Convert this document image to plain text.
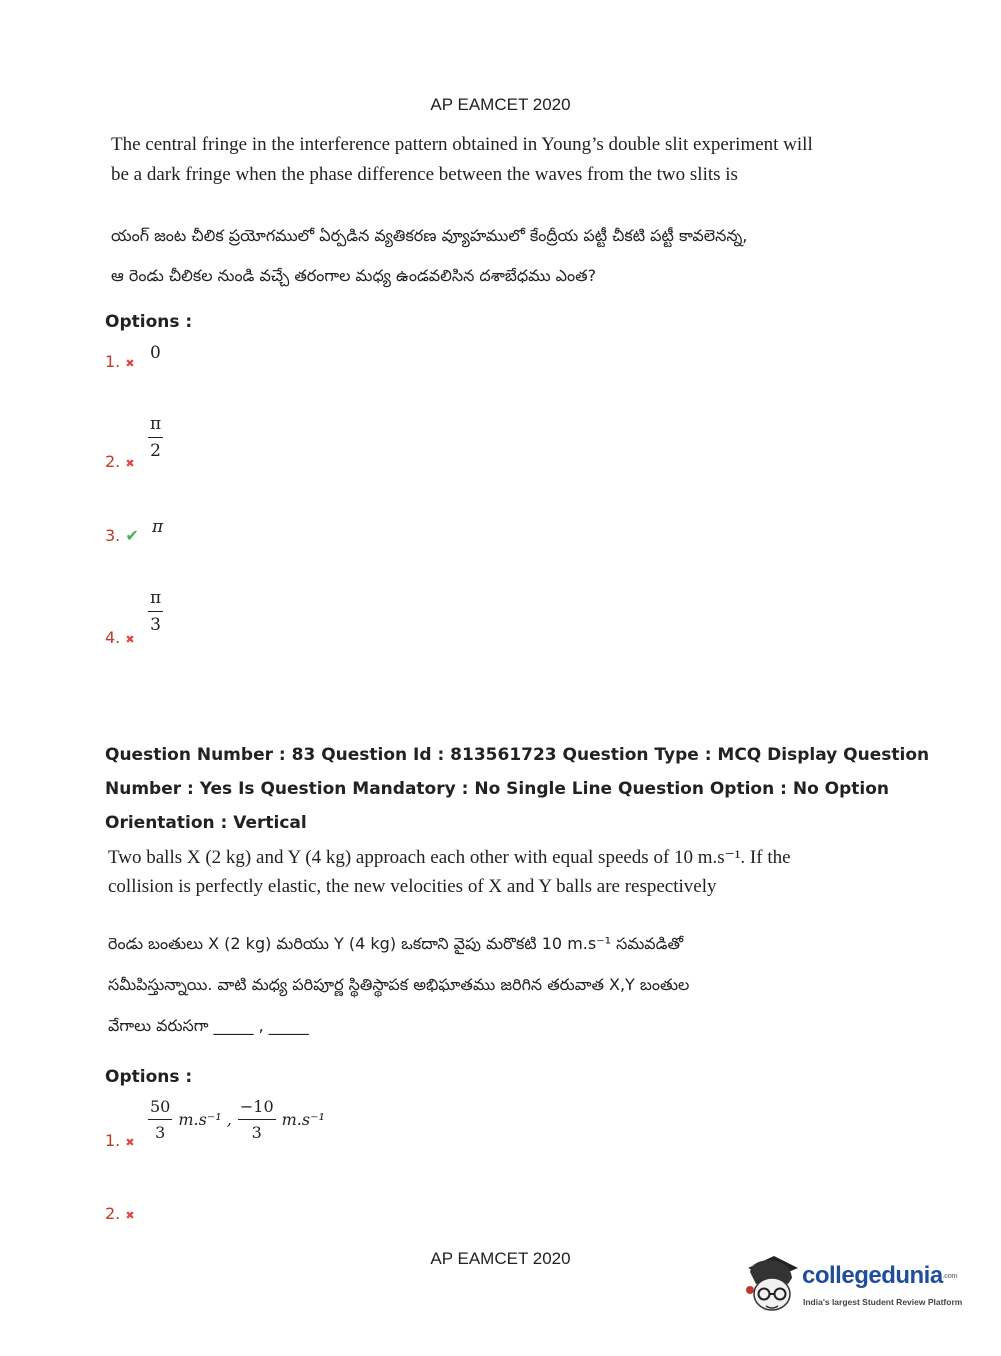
AP EAMCET 2020
The central fringe in the interference pattern obtained in Young’s double slit experiment will
be a dark fringe when the phase difference between the waves from the two slits is
యంగ్ జంట చీలిక ప్రయోగములో ఏర్పడిన వ్యతికరణ వ్యూహములో కేంద్రీయ పట్టీ చీకటి పట్టీ కావలెనన్న,
ఆ రెండు చీలికల నుండి వచ్చే తరంగాల మధ్య ఉండవలిసిన దశాబేధము ఎంత?
Options :
1. ✖
0
2. ✖
$\frac{\pi}{2}$
3. ✔ π
4. ✖
$\frac{\pi}{3}$
Question Number : 83 Question Id : 813561723 Question Type : MCQ Display Question
Number : Yes Is Question Mandatory : No Single Line Question Option : No Option
Orientation : Vertical
Two balls X (2 kg) and Y (4 kg) approach each other with equal speeds of 10 m.s⁻¹. If the
collision is perfectly elastic, the new velocities of X and Y balls are respectively
రెండు బంతులు X (2 kg) మరియు Y (4 kg) ఒకదాని వైపు మరొకటి 10 m.s⁻¹ సమవడితో
సమీపిస్తున్నాయి. వాటి మధ్య పరిపూర్ణ స్థితిస్థాపక అభిఘాతము జరిగిన తరువాత X,Y బంతుల
వేగాలు వరుసగా _____ , _____
Options :
1. ✖
$\frac{50}{3} m.s^{-1}$ , $\frac{-10}{3} m.s^{-1}$
2. ✖
AP EAMCET 2020
collegedunia.com
India's largest Student Review Platform
